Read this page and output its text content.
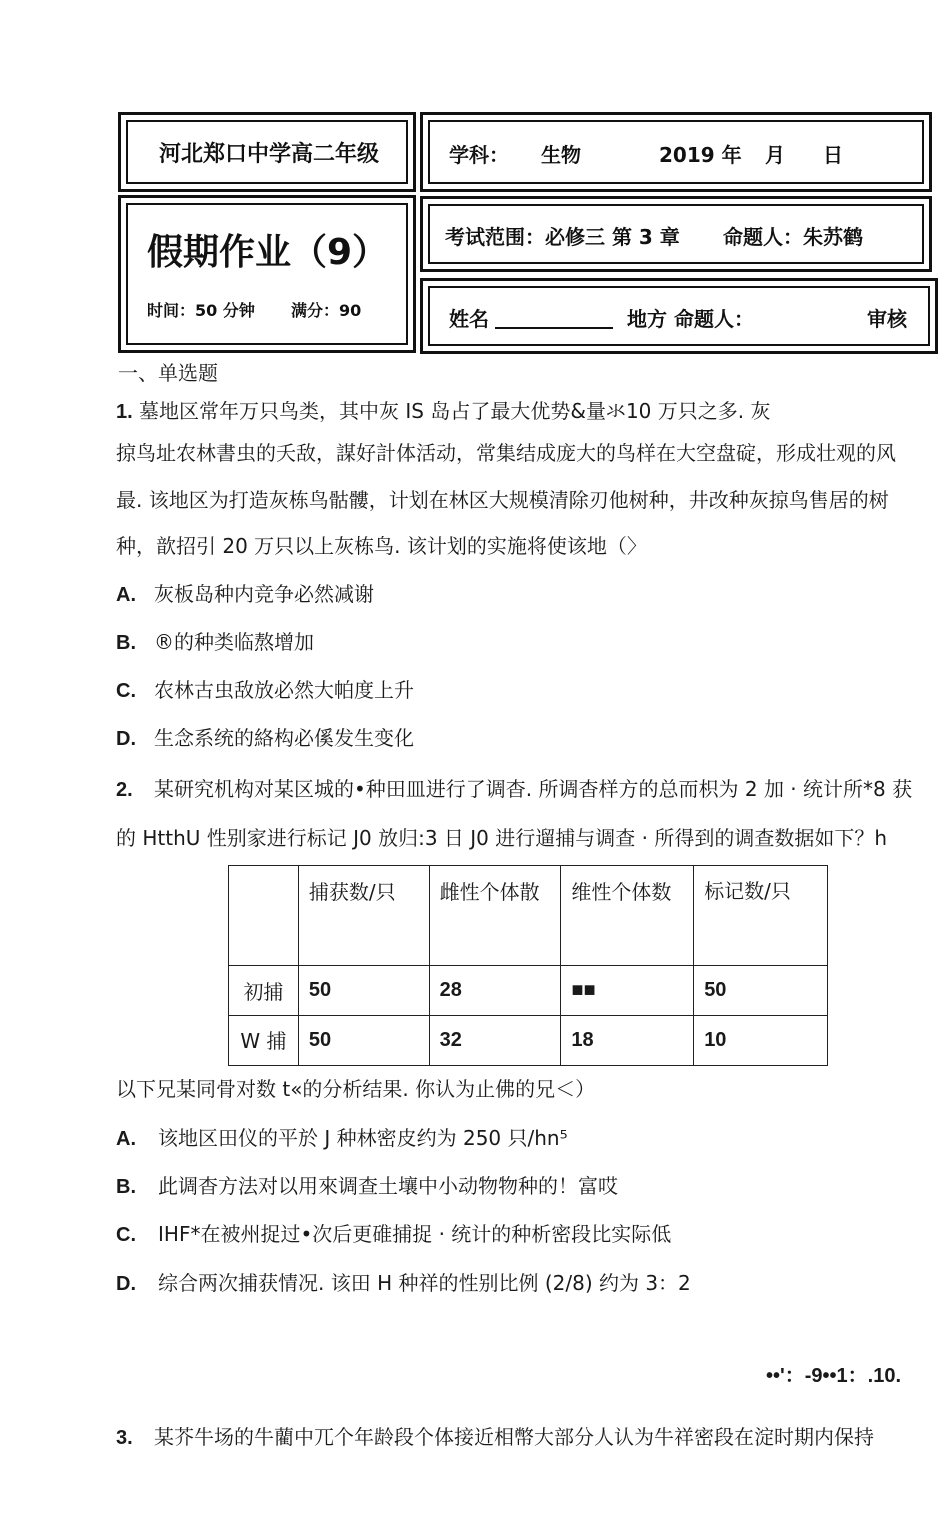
河北郑口中学高二年级	学科： 生物	2019 年 月 日
假期作业（9）
时间：50 分钟 满分：90
考试范围：必修三 第 3 章 命题人：朱苏鹤
姓名	地方 命题人：	审核
一、单选题
1. 墓地区常年万只鸟类，其中灰 IS 岛占了最大优势&量氺10 万只之多. 灰
掠鸟址农林書虫的夭敌，謀好計体活动，常集结成庞大的鸟样在大空盘碇，形成壮观的风
最. 该地区为打造灰栋鸟骷髏，计划在林区大规模清除刃他树种，井改种灰掠鸟售居的树
种，歆招引 20 万只以上灰栋鸟. 该计划的实施将使该地（〉
A. 灰板岛种内竞争必然减谢
B. ®的种类临熬增加
C. 农林古虫敌放必然大帕度上升
D. 生念系统的絡构必傒发生变化
2. 某研究机构对某区城的•种田皿进行了调杳. 所调杳样方的总而枳为 2 加 · 统计所*8 获
的 HtthU 性别家进行标记 J0 放归:3 日 J0 进行遛捕与调查 · 所得到的调查数据如下？h
	捕获数/只	雌性个体散	维性个体数	标记数/只
初捕	50	28	■■	50
W 捕	50	32	18	10
以下兄某同骨对数 t«的分析结果. 你认为止佛的兄＜）
A. 该地区田仪的平於 J 种林密皮约为 250 只/hn⁵
B. 此调杳方法对以用來调查土壤中小动物物种的！富哎
C. IHF*在被州捉过•次后更碓捕捉 · 统计的种析密段比实际低
D. 综合两次捕获情况. 该田 H 种祥的性别比例 (2/8) 约为 3：2
••'：-9••1：.10.
3. 某芥牛场的牛藺中兀个年龄段个体接近相幣大部分人认为牛祥密段在淀时期内保持
